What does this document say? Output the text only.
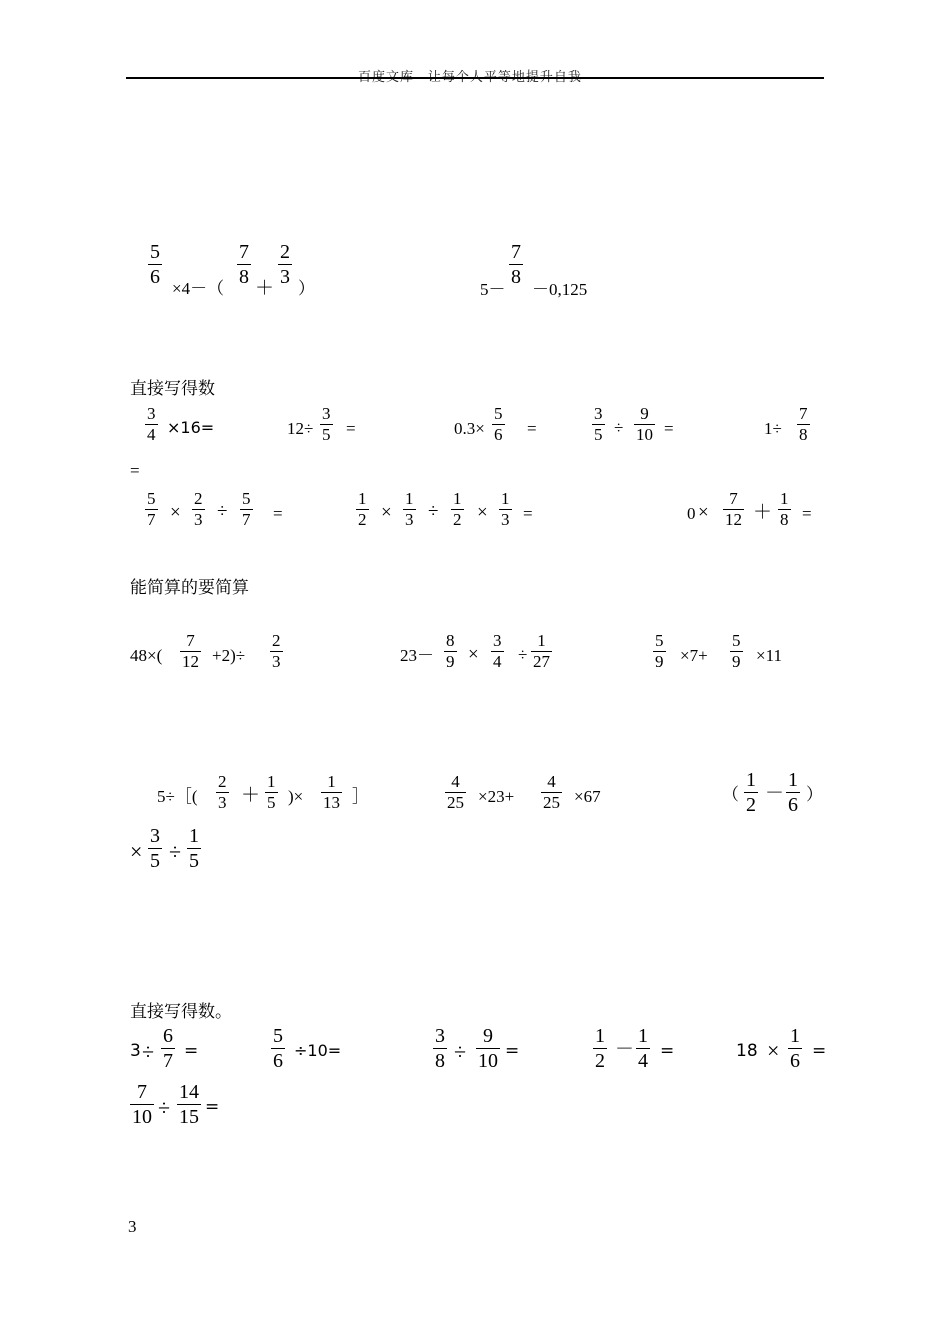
百度文库 - 让每个人平等地提升自我
5
6
×4－（
7
8
＋
2
3
）	5－
7
8
－0,125
直接写得数
3
4 ×16=	12÷
3
5 =	0.3×
5
6 =
3
5 ÷
9
10 =	1÷
7
8
=
5
7 ×
2
3 ÷
5
7 =
1
2 ×
1
3 ÷
1
2 ×
1
3 =	0 ×
7
12 ＋
1
8 =
能简算的要简算
48×(
7
12 +2)÷
2
3	23－
8
9 ×
3
4 ÷
1
27
5
9 ×7+
5
9 ×11
5÷［(
2
3 ＋
1
5 )×
1
13 ］
4
25 ×23+
4
25 ×67	（
1
2
－
1
6 ）
×
3
5 ÷
1
5
直接写得数。
3 ÷
6
7 =
5
6 ÷10=
3
8 ÷
9
10 =
1
2
－
1
4 =	18 ×
1
6 =
7
10 ÷
14
15 =
3
